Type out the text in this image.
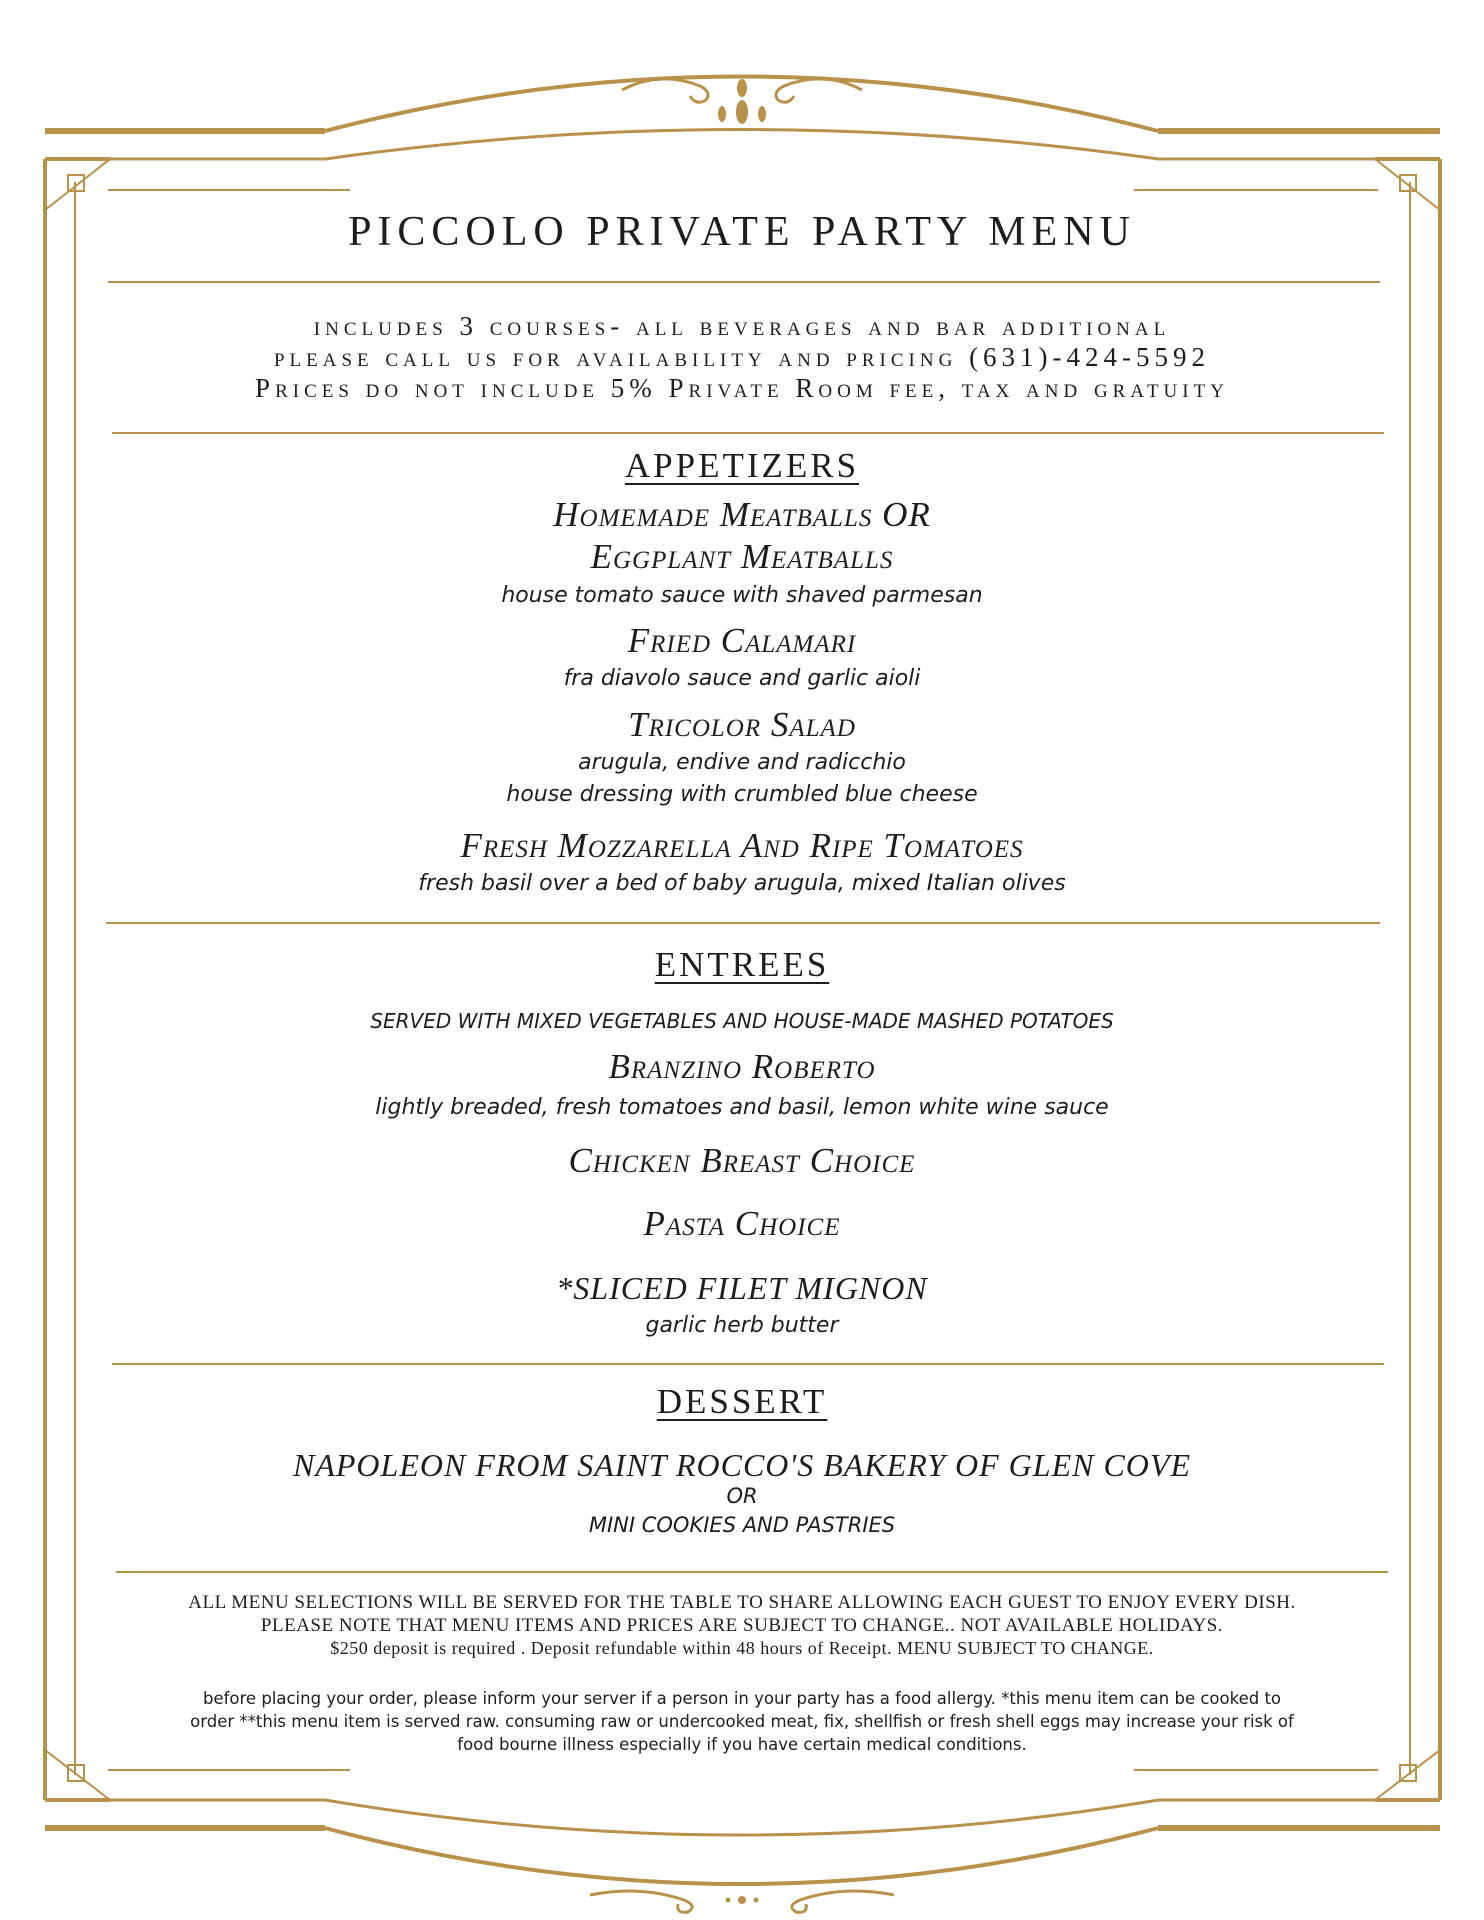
PICCOLO PRIVATE PARTY MENU
includes 3 courses- all beverages and bar additional
please call us for availability and pricing (631)-424-5592
Prices do not include 5% Private Room fee, tax and gratuity
APPETIZERS
Homemade Meatballs OR
Eggplant Meatballs
house tomato sauce with shaved parmesan
Fried Calamari
fra diavolo sauce and garlic aioli
Tricolor Salad
arugula, endive and radicchio
house dressing with crumbled blue cheese
Fresh Mozzarella And Ripe Tomatoes
fresh basil over a bed of baby arugula, mixed Italian olives
ENTREES
SERVED WITH MIXED VEGETABLES AND HOUSE-MADE MASHED POTATOES
Branzino Roberto
lightly breaded, fresh tomatoes and basil, lemon white wine sauce
Chicken Breast Choice
Pasta Choice
*SLICED FILET MIGNON
garlic herb butter
DESSERT
NAPOLEON FROM SAINT ROCCO'S BAKERY OF GLEN COVE
OR
MINI COOKIES AND PASTRIES
ALL MENU SELECTIONS WILL BE SERVED FOR THE TABLE TO SHARE ALLOWING EACH GUEST TO ENJOY EVERY DISH.
PLEASE NOTE THAT MENU ITEMS AND PRICES ARE SUBJECT TO CHANGE.. NOT AVAILABLE HOLIDAYS.
$250 deposit is required . Deposit refundable within 48 hours of Receipt. MENU SUBJECT TO CHANGE.
before placing your order, please inform your server if a person in your party has a food allergy. *this menu item can be cooked to
order **this menu item is served raw. consuming raw or undercooked meat, fix, shellfish or fresh shell eggs may increase your risk of
food bourne illness especially if you have certain medical conditions.
